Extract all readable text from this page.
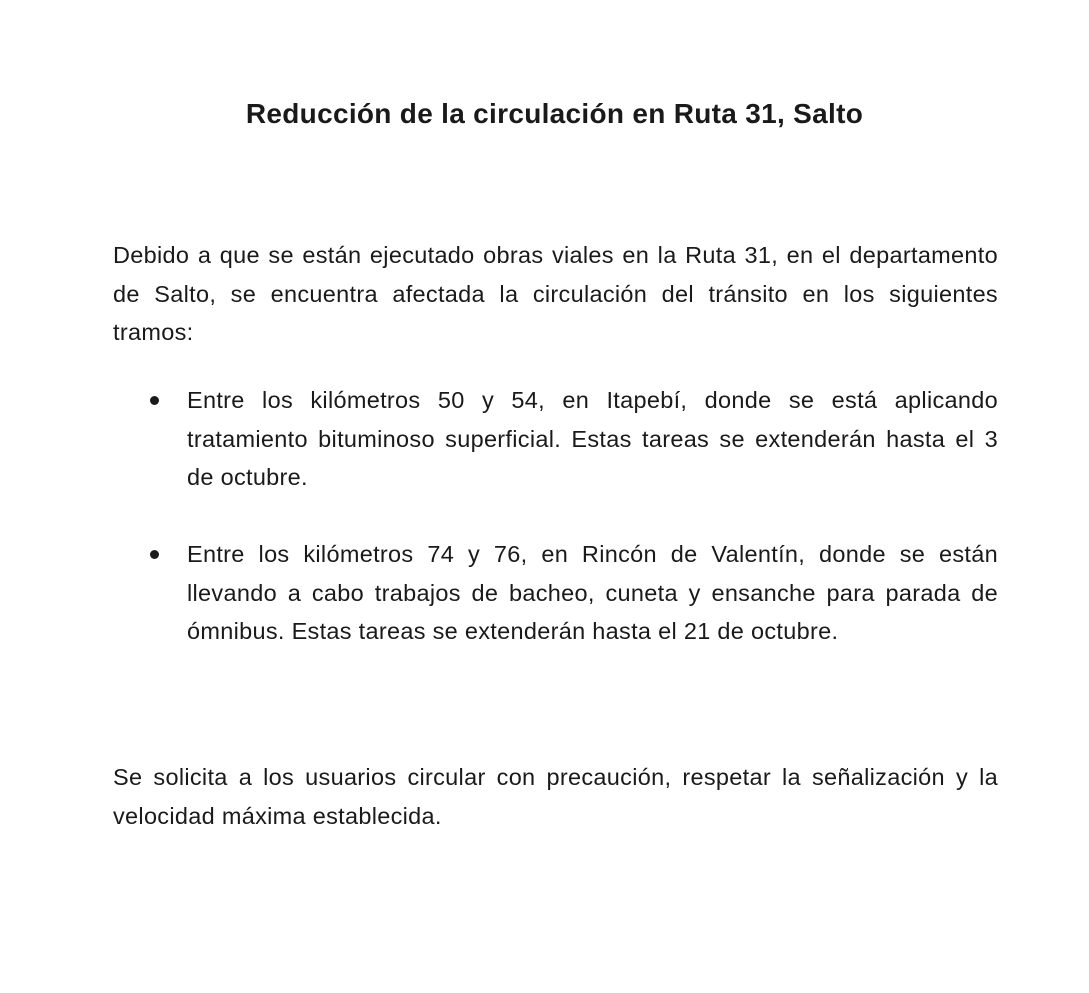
Reducción de la circulación en Ruta 31, Salto

Debido a que se están ejecutado obras viales en la Ruta 31, en el departamento de Salto, se encuentra afectada la circulación del tránsito en los siguientes tramos:

Entre los kilómetros 50 y 54, en Itapebí, donde se está aplicando tratamiento bituminoso superficial. Estas tareas se extenderán hasta el 3 de octubre.
Entre los kilómetros 74 y 76, en Rincón de Valentín, donde se están llevando a cabo trabajos de bacheo, cuneta y ensanche para parada de ómnibus. Estas tareas se extenderán hasta el 21 de octubre.

Se solicita a los usuarios circular con precaución, respetar la señalización y la velocidad máxima establecida.
